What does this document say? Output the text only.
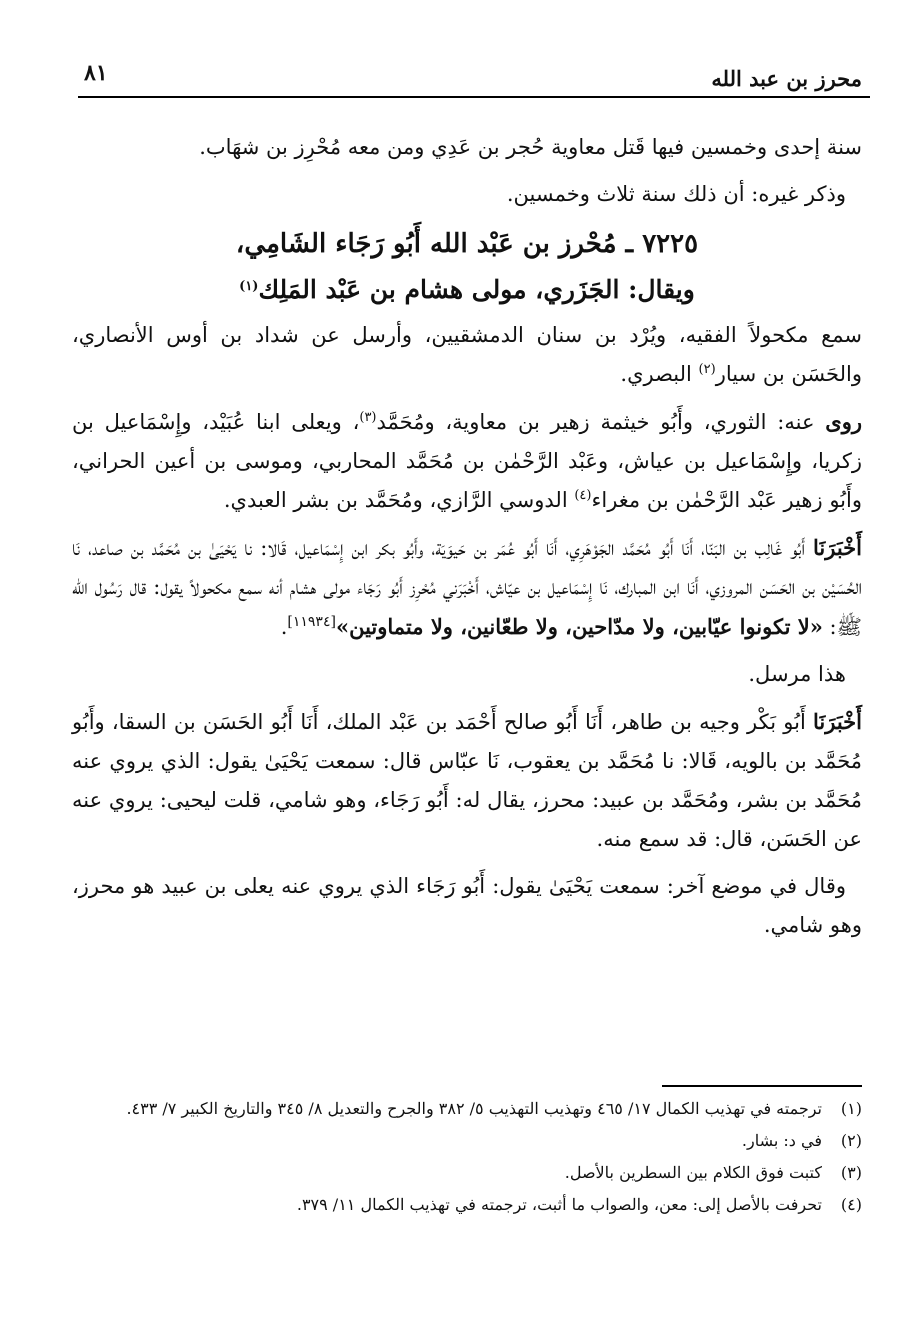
محرز بن عبد الله
٨١

سنة إحدى وخمسين فيها قَتل معاوية حُجر بن عَدِي ومن معه مُحْرِز بن شهَاب.

وذكر غيره: أن ذلك سنة ثلاث وخمسين.

٧٢٢٥ ـ مُحْرز بن عَبْد الله أَبُو رَجَاء الشَامِي،

ويقال: الجَزَري، مولى هشام بن عَبْد المَلِك$^{(١)}$

سمع مكحولاً الفقيه، ويُرْد بن سنان الدمشقيين، وأرسل عن شداد بن أوس الأنصاري، والحَسَن بن سيار$^{(٢)}$ البصري.

روى عنه: الثوري، وأَبُو خيثمة زهير بن معاوية، ومُحَمَّد$^{(٣)}$، ويعلى ابنا عُبَيْد، وإِسْمَاعيل بن زكريا، وإِسْمَاعيل بن عياش، وعَبْد الرَّحْمٰن بن مُحَمَّد المحاربي، وموسى بن أعين الحراني، وأَبُو زهير عَبْد الرَّحْمٰن بن مغراء$^{(٤)}$ الدوسي الرَّازي، ومُحَمَّد بن بشر العبدي.

أَخْبَرَنَا أَبُو غَالِب بن البَنّا، أَنَا أَبُو مُحَمَّد الجَوْهَرِي، أَنَا أَبُو عُمَر بن حَيوَيَة، وأَبُو بكر ابن إِسْمَاعيل، قَالا: نا يَحْيَىٰ بن مُحَمَّد بن صاعد، نَا الحُسَيْن بن الحَسَن المروزي، أَنَا ابن المبارك، نَا إِسْمَاعيل بن عيّاش، أَخْبَرَني مُحْرِز أَبُو رَجَاء مولى هشام أنه سمع مكحولاً يقول: قال رَسُول الله ﷺ: «لا تكونوا عيّابين، ولا مدّاحين، ولا طعّانين، ولا متماوتين»[١١٩٣٤].

هذا مرسل.

أَخْبَرَنَا أَبُو بَكْر وجيه بن طاهر، أَنَا أَبُو صالح أَحْمَد بن عَبْد الملك، أَنَا أَبُو الحَسَن بن السقا، وأَبُو مُحَمَّد بن بالويه، قَالا: نا مُحَمَّد بن يعقوب، نَا عبّاس قال: سمعت يَحْيَىٰ يقول: الذي يروي عنه مُحَمَّد بن بشر، ومُحَمَّد بن عبيد: محرز، يقال له: أَبُو رَجَاء، وهو شامي، قلت ليحيى: يروي عنه عن الحَسَن، قال: قد سمع منه.

وقال في موضع آخر: سمعت يَحْيَىٰ يقول: أَبُو رَجَاء الذي يروي عنه يعلى بن عبيد هو محرز، وهو شامي.

(١)
ترجمته في تهذيب الكمال ١٧/ ٤٦٥ وتهذيب التهذيب ٥/ ٣٨٢ والجرح والتعديل ٨/ ٣٤٥ والتاريخ الكبير ٧/ ٤٣٣.
(٢)
في د: بشار.
(٣)
كتبت فوق الكلام بين السطرين بالأصل.
(٤)
تحرفت بالأصل إلى: معن، والصواب ما أثبت، ترجمته في تهذيب الكمال ١١/ ٣٧٩.
